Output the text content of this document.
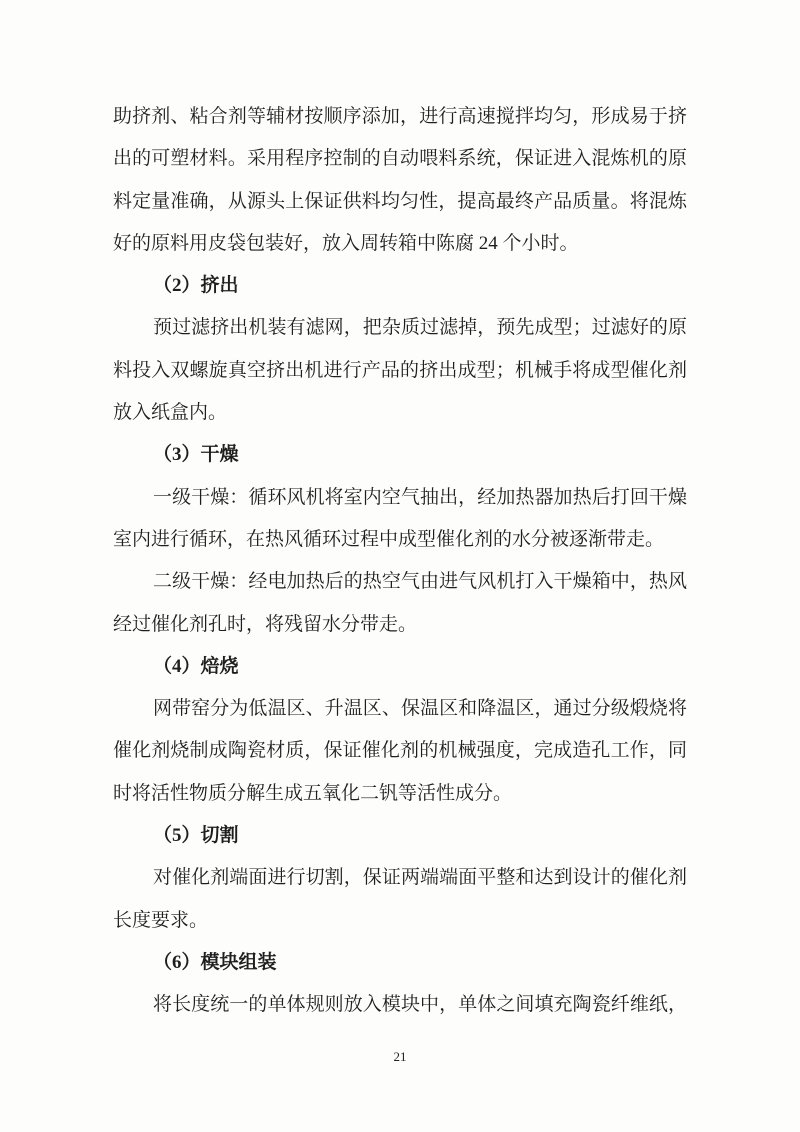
助挤剂、粘合剂等辅材按顺序添加，进行高速搅拌均匀，形成易于挤
出的可塑材料。采用程序控制的自动喂料系统，保证进入混炼机的原
料定量准确，从源头上保证供料均匀性，提高最终产品质量。将混炼
好的原料用皮袋包装好，放入周转箱中陈腐 24 个小时。
（2）挤出
预过滤挤出机装有滤网，把杂质过滤掉，预先成型；过滤好的原
料投入双螺旋真空挤出机进行产品的挤出成型；机械手将成型催化剂
放入纸盒内。
（3）干燥
一级干燥：循环风机将室内空气抽出，经加热器加热后打回干燥
室内进行循环，在热风循环过程中成型催化剂的水分被逐渐带走。
二级干燥：经电加热后的热空气由进气风机打入干燥箱中，热风
经过催化剂孔时，将残留水分带走。
（4）焙烧
网带窑分为低温区、升温区、保温区和降温区，通过分级煅烧将
催化剂烧制成陶瓷材质，保证催化剂的机械强度，完成造孔工作，同
时将活性物质分解生成五氧化二钒等活性成分。
（5）切割
对催化剂端面进行切割，保证两端端面平整和达到设计的催化剂
长度要求。
（6）模块组装
将长度统一的单体规则放入模块中，单体之间填充陶瓷纤维纸，
21
